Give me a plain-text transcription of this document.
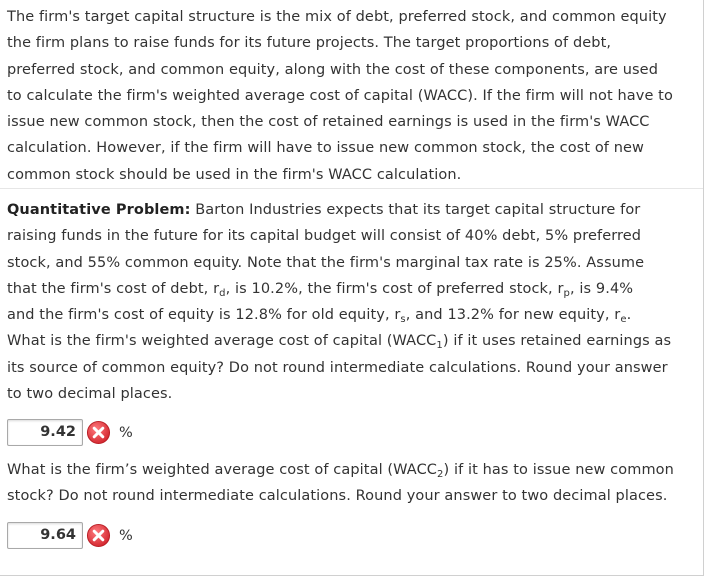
The firm's target capital structure is the mix of debt, preferred stock, and common equity
the firm plans to raise funds for its future projects. The target proportions of debt,
preferred stock, and common equity, along with the cost of these components, are used
to calculate the firm's weighted average cost of capital (WACC). If the firm will not have to
issue new common stock, then the cost of retained earnings is used in the firm's WACC
calculation. However, if the firm will have to issue new common stock, the cost of new
common stock should be used in the firm's WACC calculation.
Quantitative Problem: Barton Industries expects that its target capital structure for
raising funds in the future for its capital budget will consist of 40% debt, 5% preferred
stock, and 55% common equity. Note that the firm's marginal tax rate is 25%. Assume
that the firm's cost of debt, $r_d$, is 10.2%, the firm's cost of preferred stock, $r_p$, is 9.4%
and the firm's cost of equity is 12.8% for old equity, $r_s$, and 13.2% for new equity, $r_e$.
What is the firm's weighted average cost of capital $(WACC_1)$ if it uses retained earnings as
its source of common equity? Do not round intermediate calculations. Round your answer
to two decimal places.
9.42	%
What is the firm’s weighted average cost of capital $(WACC_2)$ if it has to issue new common
stock? Do not round intermediate calculations. Round your answer to two decimal places.
9.64	%
